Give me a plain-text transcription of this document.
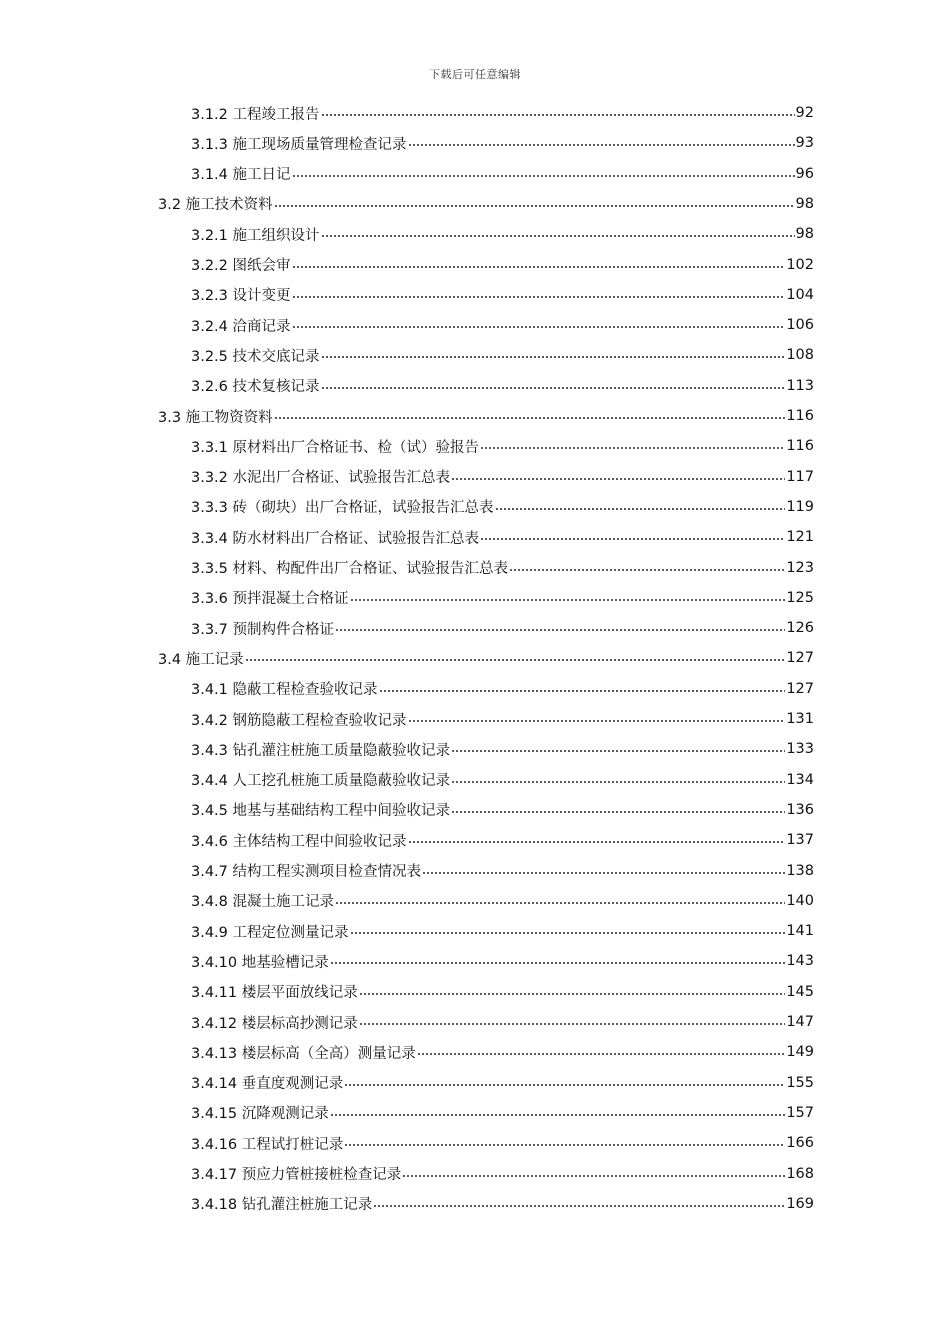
下载后可任意编辑
3.1.2 工程竣工报告	92
3.1.3 施工现场质量管理检查记录	93
3.1.4 施工日记	96
3.2 施工技术资料	98
3.2.1 施工组织设计	98
3.2.2 图纸会审	102
3.2.3 设计变更	104
3.2.4 洽商记录	106
3.2.5 技术交底记录	108
3.2.6 技术复核记录	113
3.3 施工物资资料	116
3.3.1 原材料出厂合格证书、检（试）验报告	116
3.3.2 水泥出厂合格证、试验报告汇总表	117
3.3.3 砖（砌块）出厂合格证，试验报告汇总表	119
3.3.4 防水材料出厂合格证、试验报告汇总表	121
3.3.5 材料、构配件出厂合格证、试验报告汇总表	123
3.3.6 预拌混凝土合格证	125
3.3.7 预制构件合格证	126
3.4 施工记录	127
3.4.1 隐蔽工程检查验收记录	127
3.4.2 钢筋隐蔽工程检查验收记录	131
3.4.3 钻孔灌注桩施工质量隐蔽验收记录	133
3.4.4 人工挖孔桩施工质量隐蔽验收记录	134
3.4.5 地基与基础结构工程中间验收记录	136
3.4.6 主体结构工程中间验收记录	137
3.4.7 结构工程实测项目检查情况表	138
3.4.8 混凝土施工记录	140
3.4.9 工程定位测量记录	141
3.4.10 地基验槽记录	143
3.4.11 楼层平面放线记录	145
3.4.12 楼层标高抄测记录	147
3.4.13 楼层标高（全高）测量记录	149
3.4.14 垂直度观测记录	155
3.4.15 沉降观测记录	157
3.4.16 工程试打桩记录	166
3.4.17 预应力管桩接桩检查记录	168
3.4.18 钻孔灌注桩施工记录	169
